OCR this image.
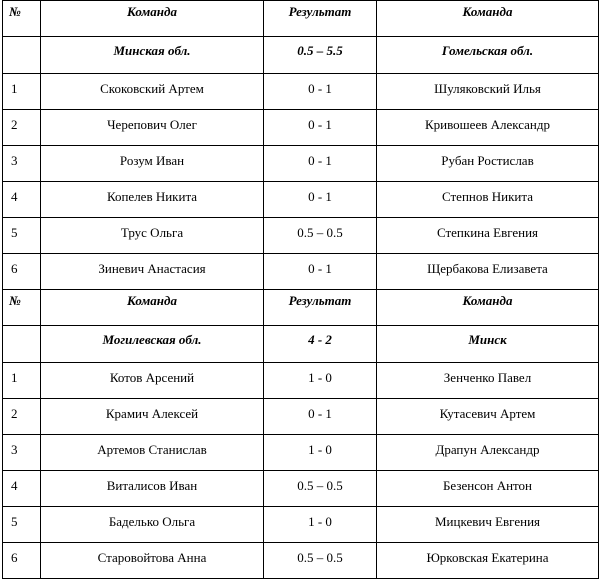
№	Команда	Результат	Команда
	Минская обл.	0.5 – 5.5	Гомельская обл.
1	Скоковский Артем	0 - 1	Шуляковский Илья
2	Черепович Олег	0 - 1	Кривошеев Александр
3	Розум Иван	0 - 1	Рубан Ростислав
4	Копелев Никита	0 - 1	Степнов Никита
5	Трус Ольга	0.5 – 0.5	Степкина Евгения
6	Зиневич Анастасия	0 - 1	Щербакова Елизавета
№	Команда	Результат	Команда
	Могилевская обл.	4 - 2	Минск
1	Котов Арсений	1 - 0	Зенченко Павел
2	Крамич Алексей	0 - 1	Кутасевич Артем
3	Артемов Станислав	1 - 0	Драпун Александр
4	Виталисов Иван	0.5 – 0.5	Безенсон Антон
5	Баделько Ольга	1 - 0	Мицкевич Евгения
6	Старовойтова Анна	0.5 – 0.5	Юрковская Екатерина
